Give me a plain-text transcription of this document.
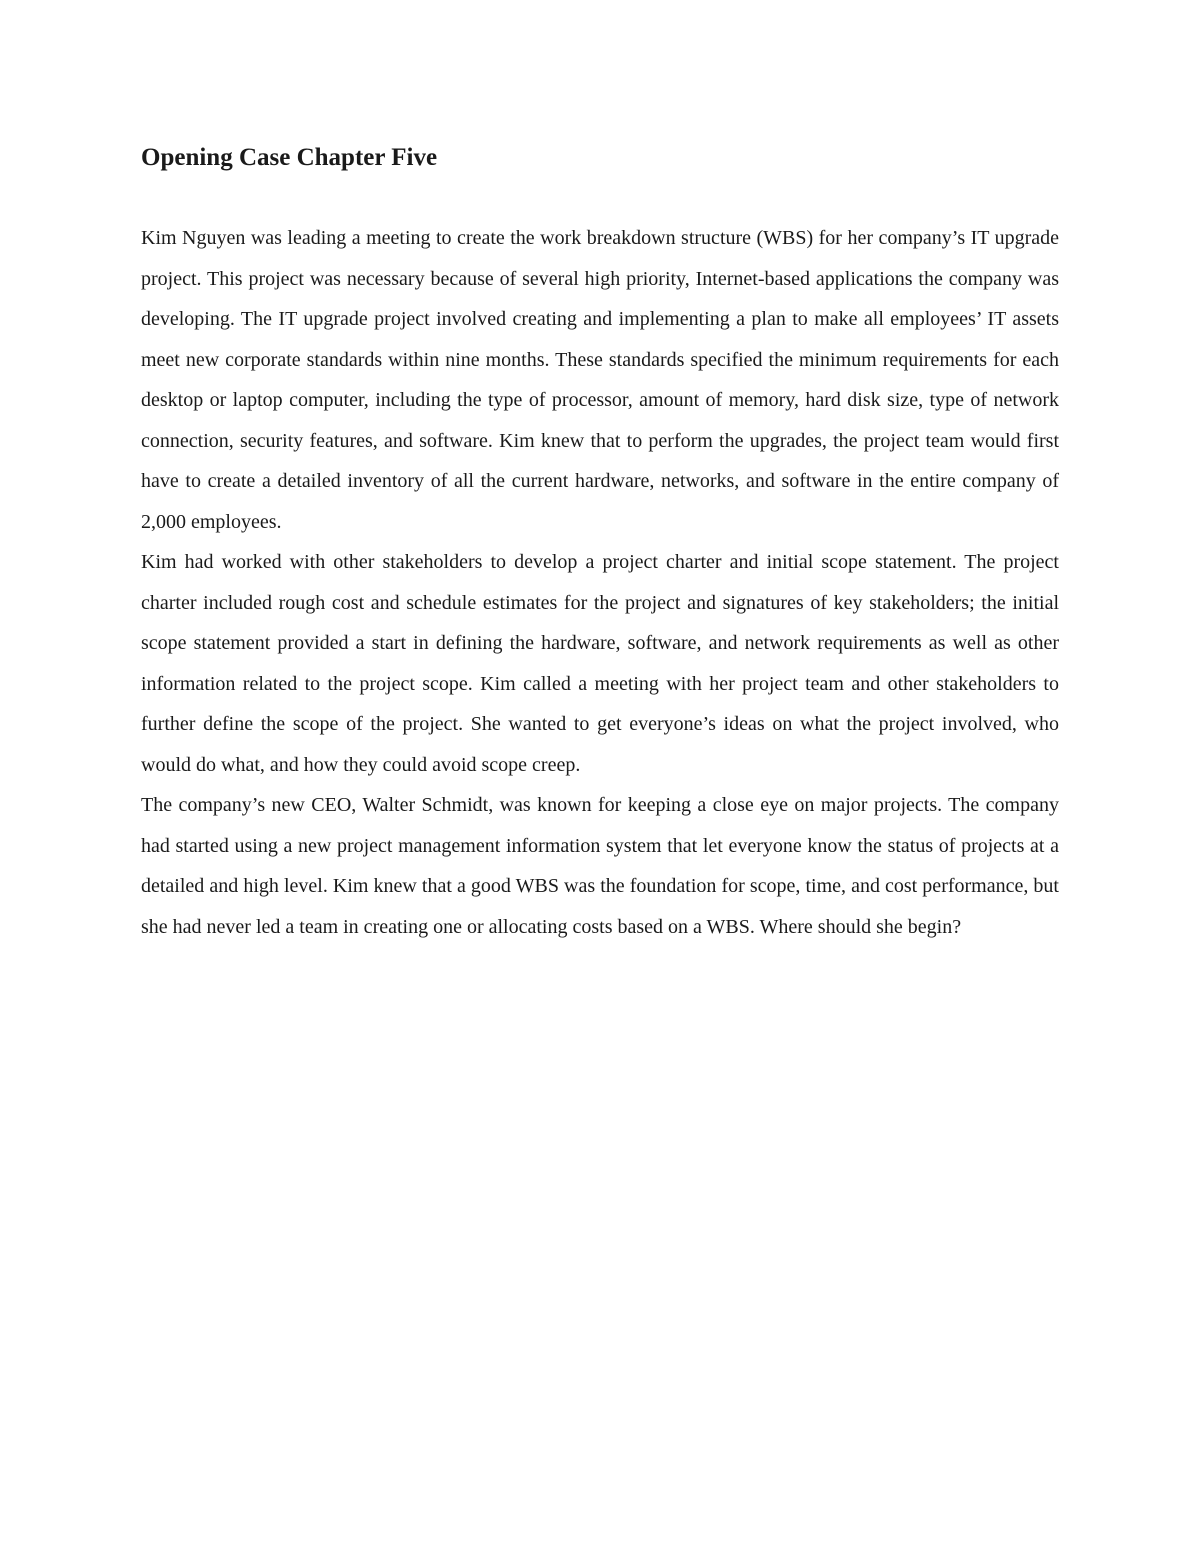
Opening Case Chapter Five

Kim Nguyen was leading a meeting to create the work breakdown structure (WBS) for her company’s IT upgrade project. This project was necessary because of several high priority, Internet-based applications the company was developing. The IT upgrade project involved creating and implementing a plan to make all employees’ IT assets meet new corporate standards within nine months. These standards specified the minimum requirements for each desktop or laptop computer, including the type of processor, amount of memory, hard disk size, type of network connection, security features, and software. Kim knew that to perform the upgrades, the project team would first have to create a detailed inventory of all the current hardware, networks, and software in the entire company of 2,000 employees.

Kim had worked with other stakeholders to develop a project charter and initial scope statement. The project charter included rough cost and schedule estimates for the project and signatures of key stakeholders; the initial scope statement provided a start in defining the hardware, software, and network requirements as well as other information related to the project scope. Kim called a meeting with her project team and other stakeholders to further define the scope of the project. She wanted to get everyone’s ideas on what the project involved, who would do what, and how they could avoid scope creep.

The company’s new CEO, Walter Schmidt, was known for keeping a close eye on major projects. The company had started using a new project management information system that let everyone know the status of projects at a detailed and high level. Kim knew that a good WBS was the foundation for scope, time, and cost performance, but she had never led a team in creating one or allocating costs based on a WBS. Where should she begin?
